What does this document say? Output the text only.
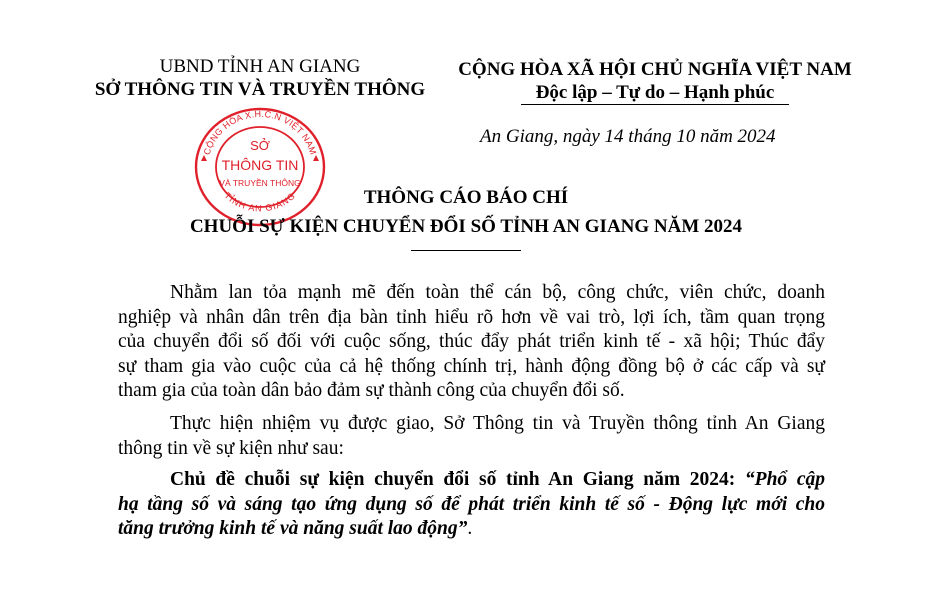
UBND TỈNH AN GIANG
SỞ THÔNG TIN VÀ TRUYỀN THÔNG
CỘNG HÒA XÃ HỘI CHỦ NGHĨA VIỆT NAM
Độc lập – Tự do – Hạnh phúc
An Giang, ngày 14 tháng 10 năm 2024
CỘNG HÒA X.H.C.N VIỆT NAM
TỈNH AN GIANG
SỞ
THÔNG TIN
VÀ TRUYỀN THÔNG
THÔNG CÁO BÁO CHÍ
CHUỖI SỰ KIỆN CHUYỂN ĐỔI SỐ TỈNH AN GIANG NĂM 2024
Nhằm lan tỏa mạnh mẽ đến toàn thể cán bộ, công chức, viên chức, doanh
nghiệp và nhân dân trên địa bàn tỉnh hiểu rõ hơn về vai trò, lợi ích, tầm quan trọng
của chuyển đổi số đối với cuộc sống, thúc đẩy phát triển kinh tế - xã hội; Thúc đẩy
sự tham gia vào cuộc của cả hệ thống chính trị, hành động đồng bộ ở các cấp và sự
tham gia của toàn dân bảo đảm sự thành công của chuyển đổi số.
Thực hiện nhiệm vụ được giao, Sở Thông tin và Truyền thông tỉnh An Giang
thông tin về sự kiện như sau:
Chủ đề chuỗi sự kiện chuyển đổi số tỉnh An Giang năm 2024: “Phổ cập
hạ tầng số và sáng tạo ứng dụng số để phát triển kinh tế số - Động lực mới cho
tăng trưởng kinh tế và năng suất lao động”.
